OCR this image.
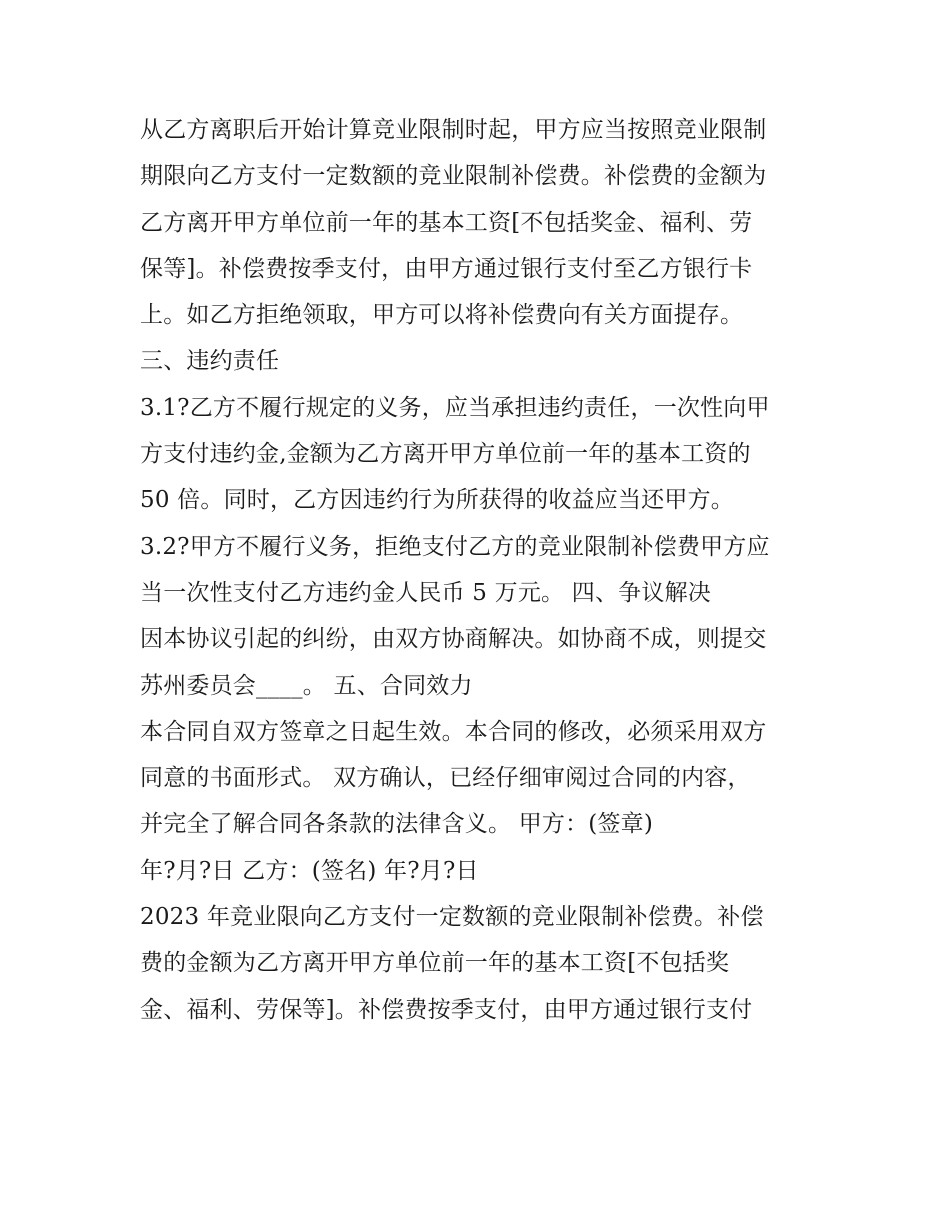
从乙方离职后开始计算竞业限制时起，甲方应当按照竞业限制
期限向乙方支付一定数额的竞业限制补偿费。补偿费的金额为
乙方离开甲方单位前一年的基本工资[不包括奖金、福利、劳
保等]。补偿费按季支付，由甲方通过银行支付至乙方银行卡
上。如乙方拒绝领取，甲方可以将补偿费向有关方面提存。
三、违约责任
3.1?乙方不履行规定的义务，应当承担违约责任，一次性向甲
方支付违约金,金额为乙方离开甲方单位前一年的基本工资的
50 倍。同时，乙方因违约行为所获得的收益应当还甲方。
3.2?甲方不履行义务，拒绝支付乙方的竞业限制补偿费甲方应
当一次性支付乙方违约金人民币 5 万元。 四、争议解决
因本协议引起的纠纷，由双方协商解决。如协商不成，则提交
苏州委员会____。 五、合同效力
本合同自双方签章之日起生效。本合同的修改，必须采用双方
同意的书面形式。 双方确认，已经仔细审阅过合同的内容，
并完全了解合同各条款的法律含义。 甲方：(签章)
年?月?日 乙方：(签名) 年?月?日
2023 年竞业限向乙方支付一定数额的竞业限制补偿费。补偿
费的金额为乙方离开甲方单位前一年的基本工资[不包括奖
金、福利、劳保等]。补偿费按季支付，由甲方通过银行支付
